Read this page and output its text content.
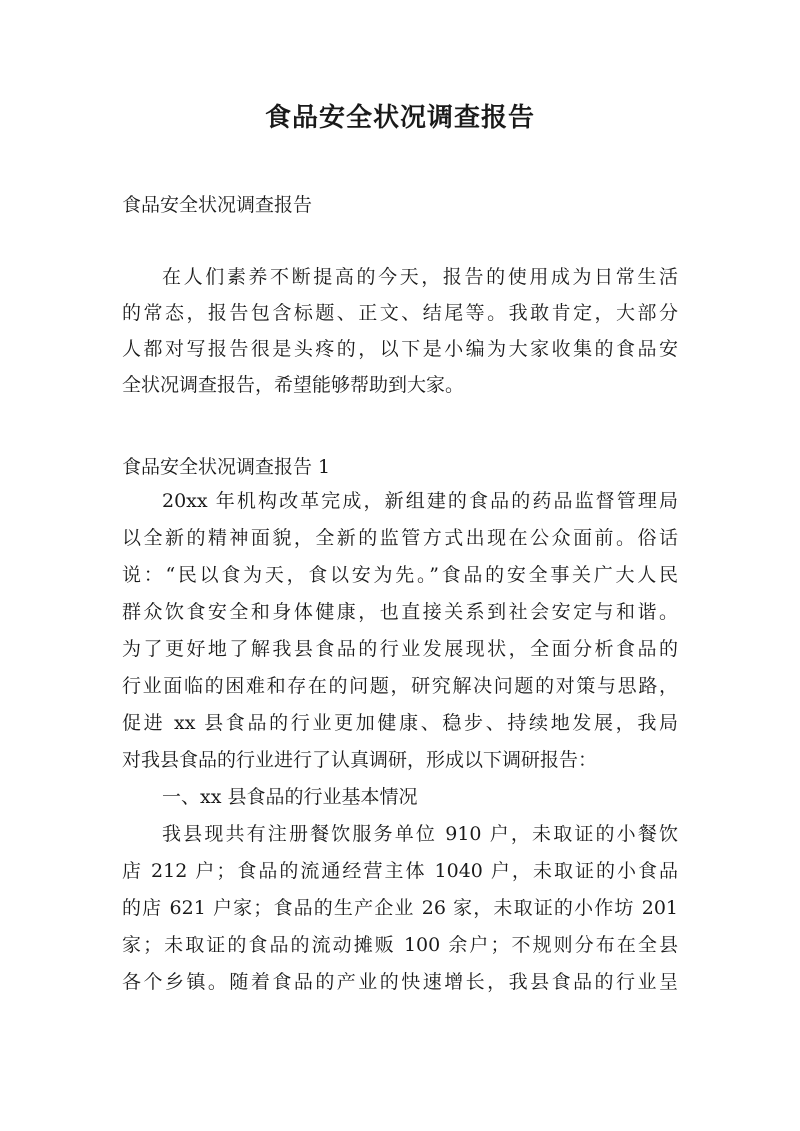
食品安全状况调查报告
食品安全状况调查报告
在人们素养不断提高的今天，报告的使用成为日常生活
的常态，报告包含标题、正文、结尾等。我敢肯定，大部分
人都对写报告很是头疼的，以下是小编为大家收集的食品安
全状况调查报告，希望能够帮助到大家。
食品安全状况调查报告 1
20xx 年机构改革完成，新组建的食品的药品监督管理局
以全新的精神面貌，全新的监管方式出现在公众面前。俗话
说：“民以食为天，食以安为先。”食品的安全事关广大人民
群众饮食安全和身体健康，也直接关系到社会安定与和谐。
为了更好地了解我县食品的行业发展现状，全面分析食品的
行业面临的困难和存在的问题，研究解决问题的对策与思路，
促进 xx 县食品的行业更加健康、稳步、持续地发展，我局
对我县食品的行业进行了认真调研，形成以下调研报告：
一、xx 县食品的行业基本情况
我县现共有注册餐饮服务单位 910 户，未取证的小餐饮
店 212 户；食品的流通经营主体 1040 户，未取证的小食品
的店 621 户家；食品的生产企业 26 家，未取证的小作坊 201
家；未取证的食品的流动摊贩 100 余户；不规则分布在全县
各个乡镇。随着食品的产业的快速增长，我县食品的行业呈
